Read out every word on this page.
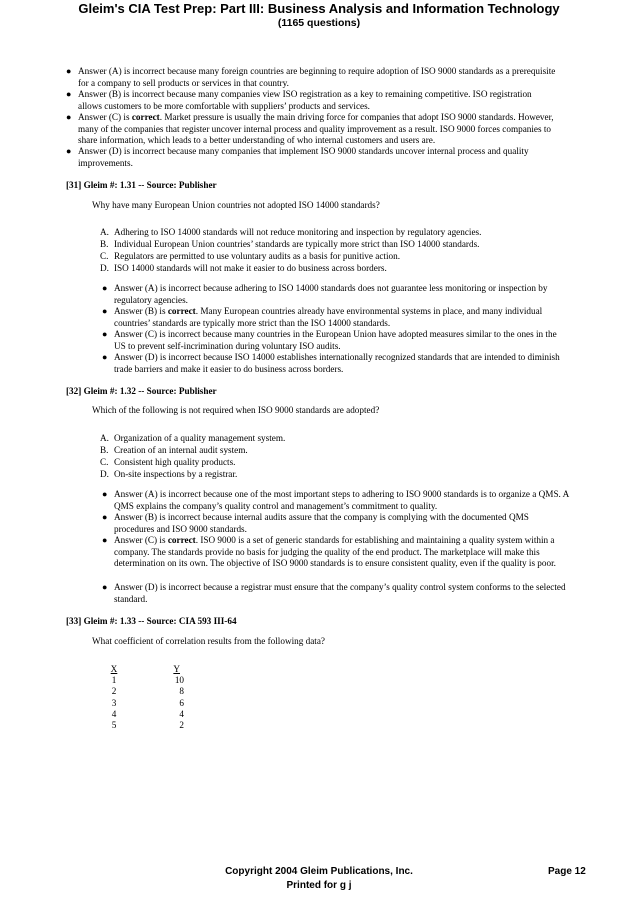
Gleim's CIA Test Prep: Part III: Business Analysis and Information Technology
(1165 questions)
● Answer (A) is incorrect because many foreign countries are beginning to require adoption of ISO 9000 standards as a prerequisite for a company to sell products or services in that country.
● Answer (B) is incorrect because many companies view ISO registration as a key to remaining competitive. ISO registration allows customers to be more comfortable with suppliers’ products and services.
● Answer (C) is correct. Market pressure is usually the main driving force for companies that adopt ISO 9000 standards. However, many of the companies that register uncover internal process and quality improvement as a result. ISO 9000 forces companies to share information, which leads to a better understanding of who internal customers and users are.
● Answer (D) is incorrect because many companies that implement ISO 9000 standards uncover internal process and quality improvements.
[31] Gleim #: 1.31 -- Source: Publisher
Why have many European Union countries not adopted ISO 14000 standards?
A. Adhering to ISO 14000 standards will not reduce monitoring and inspection by regulatory agencies.
B. Individual European Union countries’ standards are typically more strict than ISO 14000 standards.
C. Regulators are permitted to use voluntary audits as a basis for punitive action.
D. ISO 14000 standards will not make it easier to do business across borders.
● Answer (A) is incorrect because adhering to ISO 14000 standards does not guarantee less monitoring or inspection by regulatory agencies.
● Answer (B) is correct. Many European countries already have environmental systems in place, and many individual countries’ standards are typically more strict than the ISO 14000 standards.
● Answer (C) is incorrect because many countries in the European Union have adopted measures similar to the ones in the US to prevent self-incrimination during voluntary ISO audits.
● Answer (D) is incorrect because ISO 14000 establishes internationally recognized standards that are intended to diminish trade barriers and make it easier to do business across borders.
[32] Gleim #: 1.32 -- Source: Publisher
Which of the following is not required when ISO 9000 standards are adopted?
A. Organization of a quality management system.
B. Creation of an internal audit system.
C. Consistent high quality products.
D. On-site inspections by a registrar.
● Answer (A) is incorrect because one of the most important steps to adhering to ISO 9000 standards is to organize a QMS. A QMS explains the company’s quality control and management’s commitment to quality.
● Answer (B) is incorrect because internal audits assure that the company is complying with the documented QMS procedures and ISO 9000 standards.
● Answer (C) is correct. ISO 9000 is a set of generic standards for establishing and maintaining a quality system within a company. The standards provide no basis for judging the quality of the end product. The marketplace will make this determination on its own. The objective of ISO 9000 standards is to ensure consistent quality, even if the quality is poor.
● Answer (D) is incorrect because a registrar must ensure that the company’s quality control system conforms to the selected standard.
[33] Gleim #: 1.33 -- Source: CIA 593 III-64
What coefficient of correlation results from the following data?
X	Y
1	10
2	8
3	6
4	4
5	2
Copyright 2004 Gleim Publications, Inc.
Printed for g j
Page 12
